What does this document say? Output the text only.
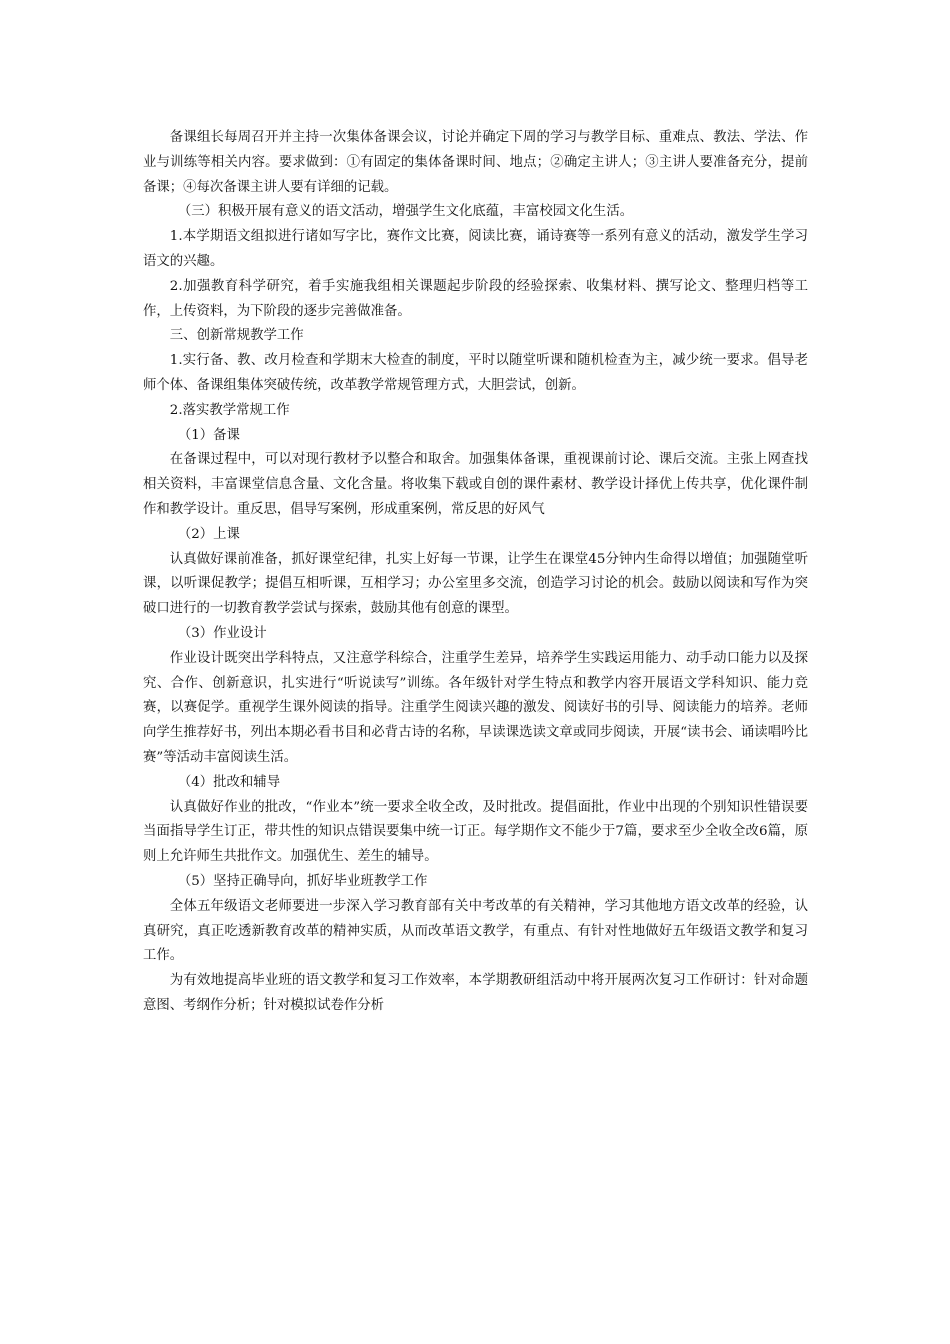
备课组长每周召开并主持一次集体备课会议，讨论并确定下周的学习与教学目标、重难点、教法、学法、作业与训练等相关内容。要求做到：①有固定的集体备课时间、地点；②确定主讲人；③主讲人要准备充分，提前备课；④每次备课主讲人要有详细的记载。

（三）积极开展有意义的语文活动，增强学生文化底蕴，丰富校园文化生活。

1.本学期语文组拟进行诸如写字比，赛作文比赛，阅读比赛，诵诗赛等一系列有意义的活动，激发学生学习语文的兴趣。

2.加强教育科学研究，着手实施我组相关课题起步阶段的经验探索、收集材料、撰写论文、整理归档等工作，上传资料，为下阶段的逐步完善做准备。

三、创新常规教学工作

1.实行备、教、改月检查和学期末大检查的制度，平时以随堂听课和随机检查为主，减少统一要求。倡导老师个体、备课组集体突破传统，改革教学常规管理方式，大胆尝试，创新。

2.落实教学常规工作

（1）备课

在备课过程中，可以对现行教材予以整合和取舍。加强集体备课，重视课前讨论、课后交流。主张上网查找相关资料，丰富课堂信息含量、文化含量。将收集下载或自创的课件素材、教学设计择优上传共享，优化课件制作和教学设计。重反思，倡导写案例，形成重案例，常反思的好风气

（2）上课

认真做好课前准备，抓好课堂纪律，扎实上好每一节课，让学生在课堂45分钟内生命得以增值；加强随堂听课，以听课促教学；提倡互相听课，互相学习；办公室里多交流，创造学习讨论的机会。鼓励以阅读和写作为突破口进行的一切教育教学尝试与探索，鼓励其他有创意的课型。

（3）作业设计

作业设计既突出学科特点，又注意学科综合，注重学生差异，培养学生实践运用能力、动手动口能力以及探究、合作、创新意识，扎实进行“听说读写”训练。各年级针对学生特点和教学内容开展语文学科知识、能力竞赛，以赛促学。重视学生课外阅读的指导。注重学生阅读兴趣的激发、阅读好书的引导、阅读能力的培养。老师向学生推荐好书，列出本期必看书目和必背古诗的名称，早读课选读文章或同步阅读，开展“读书会、诵读唱吟比赛”等活动丰富阅读生活。

（4）批改和辅导

认真做好作业的批改，“作业本”统一要求全收全改，及时批改。提倡面批，作业中出现的个别知识性错误要当面指导学生订正，带共性的知识点错误要集中统一订正。每学期作文不能少于7篇，要求至少全收全改6篇，原则上允许师生共批作文。加强优生、差生的辅导。

（5）坚持正确导向，抓好毕业班教学工作

全体五年级语文老师要进一步深入学习教育部有关中考改革的有关精神，学习其他地方语文改革的经验，认真研究，真正吃透新教育改革的精神实质，从而改革语文教学，有重点、有针对性地做好五年级语文教学和复习工作。

为有效地提高毕业班的语文教学和复习工作效率，本学期教研组活动中将开展两次复习工作研讨：针对命题意图、考纲作分析；针对模拟试卷作分析
